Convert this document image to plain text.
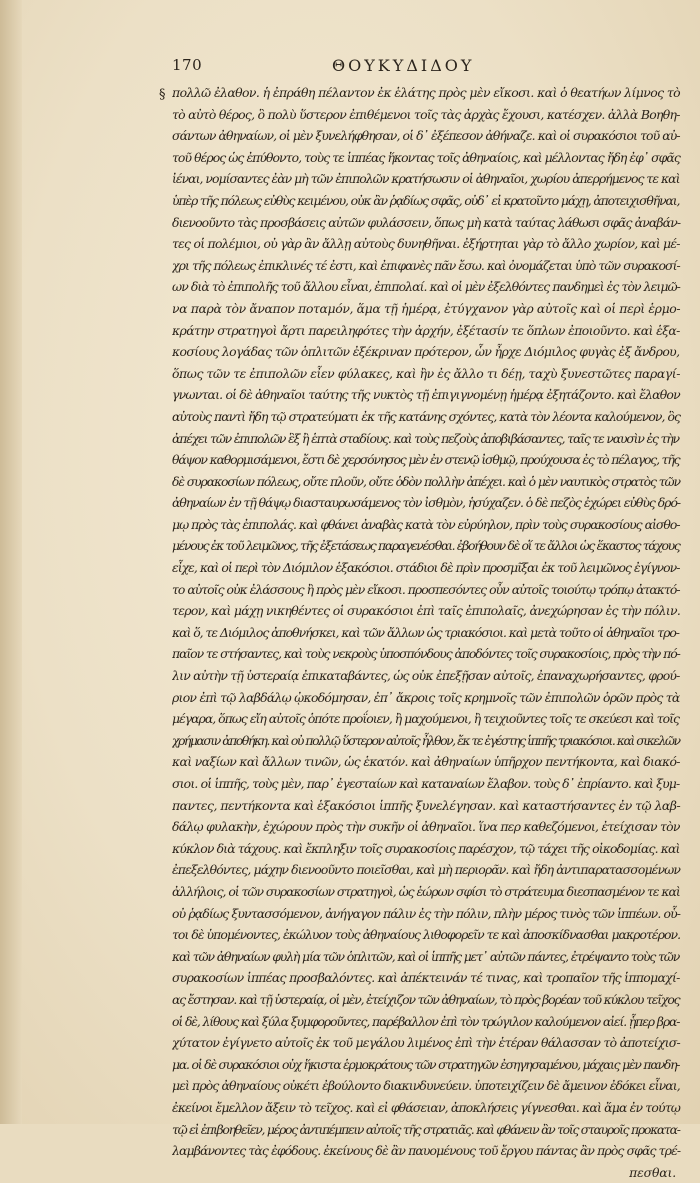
170	ΘΟΥΚΥΔΙΔΟΥ
§ πολλῶ ἐλαθον. ἡ ἐπράθη πέλαντον ἐκ ἑλάτης πρὸς μὲν εἴκοσι. καὶ ὁ θεατήων λίμνος τὸ
τὸ αὐτὸ θέρος, ὃ πολὺ ὕστερον ἐπιθέμενοι τοῖς τὰς ἀρχὰς ἔχουσι, κατέσχεν. ἀλλὰ Βοηθη-
σάντων ἀθηναίων, οἱ μὲν ξυνελήφθησαν, οἱ δ᾽ ἐξέπεσον ἀθήναζε. καὶ οἱ συρακόσιοι τοῦ αὐ-
τοῦ θέρος ὡς ἐπύθοντο, τοὺς τε ἱππέας ἥκοντας τοῖς ἀθηναίοις, καὶ μέλλοντας ἤδη ἐφ᾽ σφᾶς
ἰέναι, νομίσαντες ἐὰν μὴ τῶν ἐπιπολῶν κρατήσωσιν οἱ ἀθηναῖοι, χωρίου ἀπερρήμενος τε καὶ
ὑπὲρ τῆς πόλεως εὐθὺς κειμένου, οὐκ ἂν ῥᾳδίως σφᾶς, οὐδ᾽ εἰ κρατοῖντο μάχῃ, ἀποτειχισθῆναι,
διενοοῦντο τὰς προσβάσεις αὐτῶν φυλάσσειν, ὅπως μὴ κατὰ ταύτας λάθωσι σφᾶς ἀναβάν-
τες οἱ πολέμιοι, οὐ γὰρ ἂν ἄλλῃ αὐτοὺς δυνηθῆναι. ἐξήρτηται γὰρ τὸ ἄλλο χωρίον, καὶ μέ-
χρι τῆς πόλεως ἐπικλινές τέ ἐστι, καὶ ἐπιφανὲς πᾶν ἔσω. καὶ ὀνομάζεται ὑπὸ τῶν συρακοσί-
ων διὰ τὸ ἐπιπολῆς τοῦ ἄλλου εἶναι, ἐπιπολαί. καὶ οἱ μὲν ἐξελθόντες πανδημεὶ ἐς τὸν λειμῶ-
να παρὰ τὸν ἄναπον ποταμόν, ἅμα τῇ ἡμέρᾳ, ἐτύγχανον γὰρ αὐτοῖς καὶ οἱ περὶ ἑρμο-
κράτην στρατηγοὶ ἄρτι παρειληφότες τὴν ἀρχήν, ἐξέτασίν τε ὅπλων ἐποιοῦντο. καὶ ἑξα-
κοσίους λογάδας τῶν ὁπλιτῶν ἐξέκριναν πρότερον, ὧν ἦρχε Διόμιλος φυγὰς ἐξ ἄνδρου,
ὅπως τῶν τε ἐπιπολῶν εἶεν φύλακες, καὶ ἢν ἐς ἄλλο τι δέῃ, ταχὺ ξυνεστῶτες παραγί-
γνωνται. οἱ δὲ ἀθηναῖοι ταύτης τῆς νυκτὸς τῇ ἐπιγιγνομένῃ ἡμέρᾳ ἐξητάζοντο. καὶ ἔλαθον
αὐτοὺς παντὶ ἤδη τῷ στρατεύματι ἐκ τῆς κατάνης σχόντες, κατὰ τὸν λέοντα καλούμενον, ὃς
ἀπέχει τῶν ἐπιπολῶν ἓξ ἢ ἑπτὰ σταδίους. καὶ τοὺς πεζοὺς ἀποβιβάσαντες, ταῖς τε ναυσὶν ἐς τὴν
θάψον καθορμισάμενοι, ἔστι δὲ χερσόνησος μὲν ἐν στενῷ ἰσθμῷ, προύχουσα ἐς τὸ πέλαγος, τῆς
δὲ συρακοσίων πόλεως, οὔτε πλοῦν, οὔτε ὁδὸν πολλὴν ἀπέχει. καὶ ὁ μὲν ναυτικὸς στρατὸς τῶν
ἀθηναίων ἐν τῇ θάψῳ διασταυρωσάμενος τὸν ἰσθμὸν, ἡσύχαζεν. ὁ δὲ πεζὸς ἐχώρει εὐθὺς δρό-
μῳ πρὸς τὰς ἐπιπολάς. καὶ φθάνει ἀναβὰς κατὰ τὸν εὐρύηλον, πρὶν τοὺς συρακοσίους αἰσθο-
μένους ἐκ τοῦ λειμῶνος, τῆς ἐξετάσεως παραγενέσθαι. ἐβοήθουν δὲ οἵ τε ἄλλοι ὡς ἕκαστος τάχους
εἶχε, καὶ οἱ περὶ τὸν Διόμιλον ἑξακόσιοι. στάδιοι δὲ πρὶν προσμῖξαι ἐκ τοῦ λειμῶνος ἐγίγνον-
το αὐτοῖς οὐκ ἐλάσσους ἢ πρὸς μὲν εἴκοσι. προσπεσόντες οὖν αὐτοῖς τοιούτῳ τρόπῳ ἀτακτό-
τερον, καὶ μάχῃ νικηθέντες οἱ συρακόσιοι ἐπὶ ταῖς ἐπιπολαῖς, ἀνεχώρησαν ἐς τὴν πόλιν.
καὶ ὅ, τε Διόμιλος ἀποθνήσκει, καὶ τῶν ἄλλων ὡς τριακόσιοι. καὶ μετὰ τοῦτο οἱ ἀθηναῖοι τρο-
παῖον τε στήσαντες, καὶ τοὺς νεκροὺς ὑποσπόνδους ἀποδόντες τοῖς συρακοσίοις, πρὸς τὴν πό-
λιν αὐτὴν τῇ ὑστεραίᾳ ἐπικαταβάντες, ὡς οὐκ ἐπεξῇσαν αὐτοῖς, ἐπαναχωρήσαντες, φρού-
ριον ἐπὶ τῷ λαβδάλῳ ᾠκοδόμησαν, ἐπ᾽ ἄκροις τοῖς κρημνοῖς τῶν ἐπιπολῶν ὁρῶν πρὸς τὰ
μέγαρα, ὅπως εἴη αὐτοῖς ὁπότε προΐοιεν, ἢ μαχούμενοι, ἢ τειχιοῦντες τοῖς τε σκεύεσι καὶ τοῖς
χρήμασιν ἀποθήκη. καὶ οὐ πολλῷ ὕστερον αὐτοῖς ἦλθον, ἔκ τε ἐγέστης ἱππῆς τριακόσιοι. καὶ σικελῶν
καὶ ναξίων καὶ ἄλλων τινῶν, ὡς ἑκατόν. καὶ ἀθηναίων ὑπῆρχον πεντήκοντα, καὶ διακό-
σιοι. οἱ ἱππῆς, τοὺς μὲν, παρ᾽ ἐγεσταίων καὶ καταναίων ἔλαβον. τοὺς δ᾽ ἐπρίαντο. καὶ ξυμ-
παντες, πεντήκοντα καὶ ἑξακόσιοι ἱππῆς ξυνελέγησαν. καὶ καταστήσαντες ἐν τῷ λαβ-
δάλῳ φυλακὴν, ἐχώρουν πρὸς τὴν συκῆν οἱ ἀθηναῖοι. ἵνα περ καθεζόμενοι, ἐτείχισαν τὸν
κύκλον διὰ τάχους. καὶ ἔκπληξιν τοῖς συρακοσίοις παρέσχον, τῷ τάχει τῆς οἰκοδομίας. καὶ
ἐπεξελθόντες, μάχην διενοοῦντο ποιεῖσθαι, καὶ μὴ περιορᾶν. καὶ ἤδη ἀντιπαρατασσομένων
ἀλλήλοις, οἱ τῶν συρακοσίων στρατηγοὶ, ὡς ἑώρων σφίσι τὸ στράτευμα διεσπασμένον τε καὶ
οὐ ῥᾳδίως ξυντασσόμενον, ἀνήγαγον πάλιν ἐς τὴν πόλιν, πλὴν μέρος τινὸς τῶν ἱππέων. οὗ-
τοι δὲ ὑπομένοντες, ἐκώλυον τοὺς ἀθηναίους λιθοφορεῖν τε καὶ ἀποσκίδνασθαι μακροτέρον.
καὶ τῶν ἀθηναίων φυλὴ μία τῶν ὁπλιτῶν, καὶ οἱ ἱππῆς μετ᾽ αὐτῶν πάντες, ἐτρέψαντο τοὺς τῶν
συρακοσίων ἱππέας προσβαλόντες. καὶ ἀπέκτεινάν τέ τινας, καὶ τροπαῖον τῆς ἱππομαχί-
ας ἔστησαν. καὶ τῇ ὑστεραίᾳ, οἱ μὲν, ἐτείχιζον τῶν ἀθηναίων, τὸ πρὸς βορέαν τοῦ κύκλου τεῖχος
οἱ δὲ, λίθους καὶ ξύλα ξυμφοροῦντες, παρέβαλλον ἐπὶ τὸν τρώγιλον καλούμενον αἰεί. ᾗπερ βρα-
χύτατον ἐγίγνετο αὐτοῖς ἐκ τοῦ μεγάλου λιμένος ἐπὶ τὴν ἑτέραν θάλασσαν τὸ ἀποτείχισ-
μα. οἱ δὲ συρακόσιοι οὐχ ἥκιστα ἑρμοκράτους τῶν στρατηγῶν ἐσηγησαμένου, μάχαις μὲν πανδη-
μεὶ πρὸς ἀθηναίους οὐκέτι ἐβούλοντο διακινδυνεύειν. ὑποτειχίζειν δὲ ἄμεινον ἐδόκει εἶναι,
ἐκείνοι ἔμελλον ἄξειν τὸ τεῖχος. καὶ εἰ φθάσειαν, ἀποκλήσεις γίγνεσθαι. καὶ ἅμα ἐν τούτῳ
τῷ εἰ ἐπιβοηθεῖεν, μέρος ἀντιπέμπειν αὐτοῖς τῆς στρατιᾶς. καὶ φθάνειν ἂν τοῖς σταυροῖς προκατα-
λαμβάνοντες τὰς ἐφόδους. ἐκείνους δὲ ἂν παυομένους τοῦ ἔργου πάντας ἂν πρὸς σφᾶς τρέ-
πεσθαι.
